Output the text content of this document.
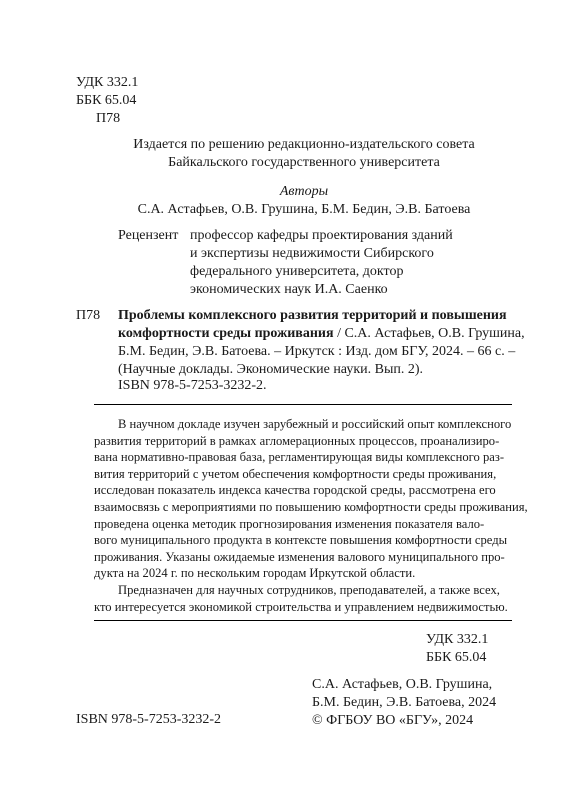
УДК 332.1
ББК 65.04
П78
Издается по решению редакционно-издательского совета
Байкальского государственного университета
Авторы
С.А. Астафьев, О.В. Грушина, Б.М. Бедин, Э.В. Батоева
Рецензент профессор кафедры проектирования зданий
и экспертизы недвижимости Сибирского
федерального университета, доктор
экономических наук И.А. Саенко
П78 Проблемы комплексного развития территорий и повышения
комфортности среды проживания / С.А. Астафьев, О.В. Грушина,
Б.М. Бедин, Э.В. Батоева. – Иркутск : Изд. дом БГУ, 2024. – 66 с. –
(Научные доклады. Экономические науки. Вып. 2).
ISBN 978-5-7253-3232-2.
В научном докладе изучен зарубежный и российский опыт комплексного
развития территорий в рамках агломерационных процессов, проанализиро-
вана нормативно-правовая база, регламентирующая виды комплексного раз-
вития территорий с учетом обеспечения комфортности среды проживания,
исследован показатель индекса качества городской среды, рассмотрена его
взаимосвязь с мероприятиями по повышению комфортности среды проживания,
проведена оценка методик прогнозирования изменения показателя вало-
вого муниципального продукта в контексте повышения комфортности среды
проживания. Указаны ожидаемые изменения валового муниципального про-
дукта на 2024 г. по нескольким городам Иркутской области.
Предназначен для научных сотрудников, преподавателей, а также всех,
кто интересуется экономикой строительства и управлением недвижимостью.
УДК 332.1
ББК 65.04
ISBN 978-5-7253-3232-2
С.А. Астафьев, О.В. Грушина,
Б.М. Бедин, Э.В. Батоева, 2024
© ФГБОУ ВО «БГУ», 2024
